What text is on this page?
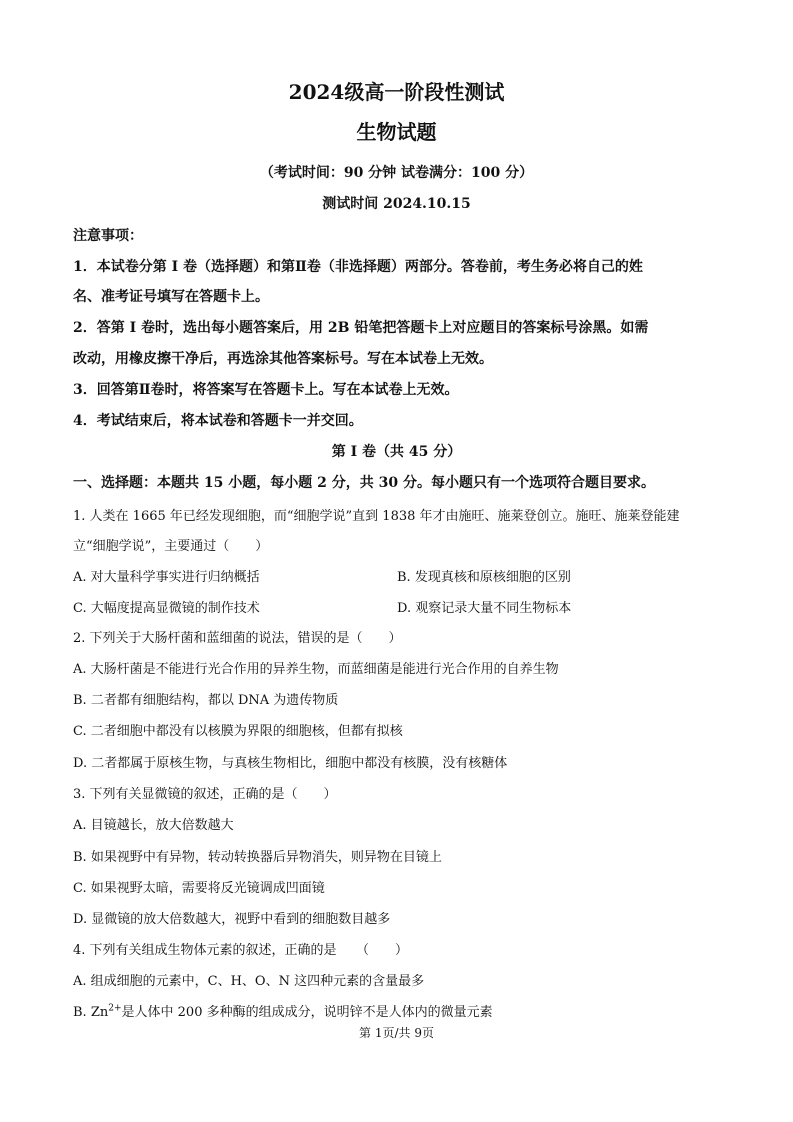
2024级高一阶段性测试
生物试题
（考试时间：90 分钟 试卷满分：100 分）
测试时间 2024.10.15
注意事项：
1．本试卷分第 I 卷（选择题）和第Ⅱ卷（非选择题）两部分。答卷前，考生务必将自己的姓
名、准考证号填写在答题卡上。
2．答第 I 卷时，选出每小题答案后，用 2B 铅笔把答题卡上对应题目的答案标号涂黑。如需
改动，用橡皮擦干净后，再选涂其他答案标号。写在本试卷上无效。
3．回答第Ⅱ卷时，将答案写在答题卡上。写在本试卷上无效。
4．考试结束后，将本试卷和答题卡一并交回。
第 I 卷（共 45 分）
一、选择题：本题共 15 小题，每小题 2 分，共 30 分。每小题只有一个选项符合题目要求。
1. 人类在 1665 年已经发现细胞，而“细胞学说”直到 1838 年才由施旺、施莱登创立。施旺、施莱登能建
立“细胞学说”，主要通过（　　）
A. 对大量科学事实进行归纳概括	B. 发现真核和原核细胞的区别
C. 大幅度提高显微镜的制作技术	D. 观察记录大量不同生物标本
2. 下列关于大肠杆菌和蓝细菌的说法，错误的是（　　）
A. 大肠杆菌是不能进行光合作用的异养生物，而蓝细菌是能进行光合作用的自养生物
B. 二者都有细胞结构，都以 DNA 为遗传物质
C. 二者细胞中都没有以核膜为界限的细胞核，但都有拟核
D. 二者都属于原核生物，与真核生物相比，细胞中都没有核膜，没有核糖体
3. 下列有关显微镜的叙述，正确的是（　　）
A. 目镜越长，放大倍数越大
B. 如果视野中有异物，转动转换器后异物消失，则异物在目镜上
C. 如果视野太暗，需要将反光镜调成凹面镜
D. 显微镜的放大倍数越大，视野中看到的细胞数目越多
4. 下列有关组成生物体元素的叙述，正确的是　　（　　）
A. 组成细胞的元素中，C、H、O、N 这四种元素的含量最多
B. $Zn^{2+}$是人体中 200 多种酶的组成成分，说明锌不是人体内的微量元素
第 1页/共 9页
